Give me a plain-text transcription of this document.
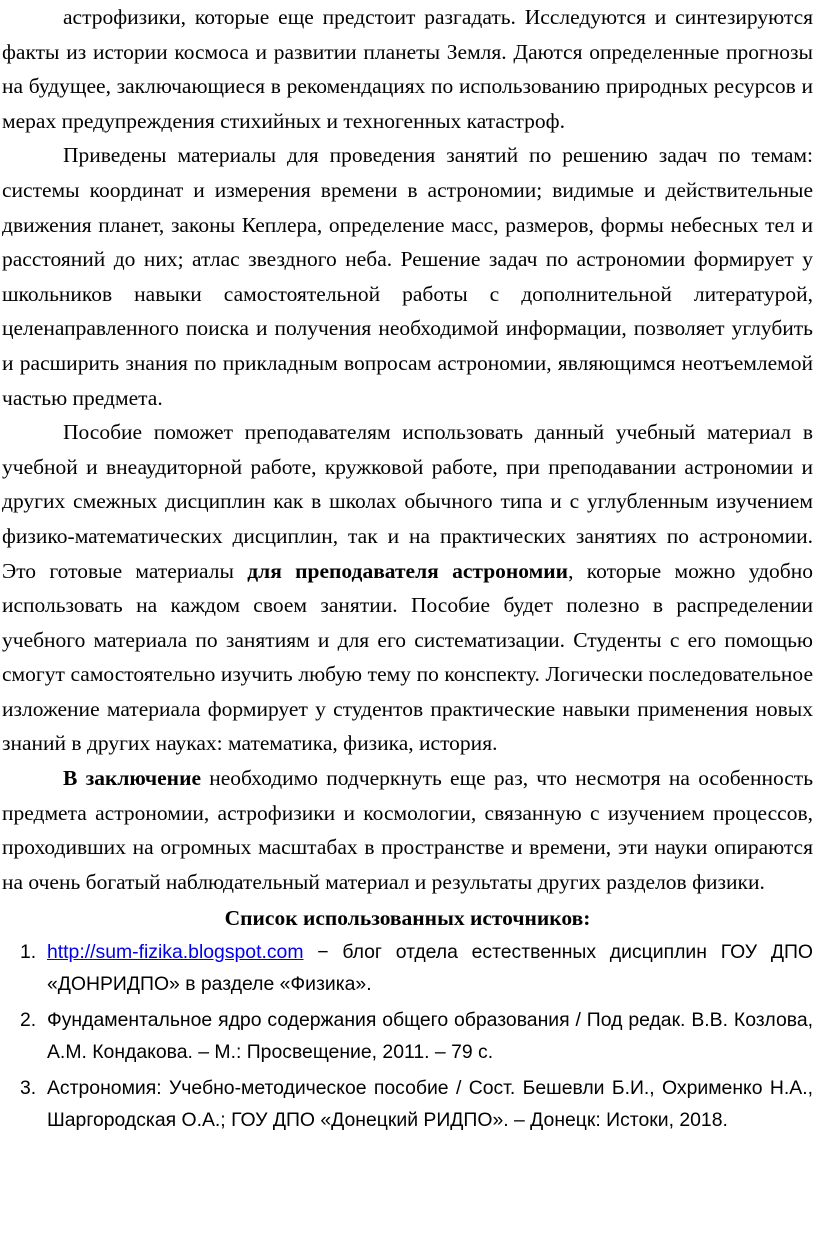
астрофизики, которые еще предстоит разгадать. Исследуются и синтезируются факты из истории космоса и развитии планеты Земля. Даются определенные прогнозы на будущее, заключающиеся в рекомендациях по использованию природных ресурсов и мерах предупреждения стихийных и техногенных катастроф.

Приведены материалы для проведения занятий по решению задач по темам: системы координат и измерения времени в астрономии; видимые и действительные движения планет, законы Кеплера, определение масс, размеров, формы небесных тел и расстояний до них; атлас звездного неба. Решение задач по астрономии формирует у школьников навыки самостоятельной работы с дополнительной литературой, целенаправленного поиска и получения необходимой информации, позволяет углубить и расширить знания по прикладным вопросам астрономии, являющимся неотъемлемой частью предмета.

Пособие поможет преподавателям использовать данный учебный материал в учебной и внеаудиторной работе, кружковой работе, при преподавании астрономии и других смежных дисциплин как в школах обычного типа и с углубленным изучением физико-математических дисциплин, так и на практических занятиях по астрономии. Это готовые материалы для преподавателя астрономии, которые можно удобно использовать на каждом своем занятии. Пособие будет полезно в распределении учебного материала по занятиям и для его систематизации. Студенты с его помощью смогут самостоятельно изучить любую тему по конспекту. Логически последовательное изложение материала формирует у студентов практические навыки применения новых знаний в других науках: математика, физика, история.

В заключение необходимо подчеркнуть еще раз, что несмотря на особенность предмета астрономии, астрофизики и космологии, связанную с изучением процессов, проходивших на огромных масштабах в пространстве и времени, эти науки опираются на очень богатый наблюдательный материал и результаты других разделов физики.

Список использованных источников:

1. http://sum-fizika.blogspot.com − блог отдела естественных дисциплин ГОУ ДПО «ДОНРИДПО» в разделе «Физика».
2. Фундаментальное ядро содержания общего образования / Под редак. В.В. Козлова, А.М. Кондакова. – М.: Просвещение, 2011. – 79 с.
3. Астрономия: Учебно-методическое пособие / Сост. Бешевли Б.И., Охрименко Н.А., Шаргородская О.А.; ГОУ ДПО «Донецкий РИДПО». – Донецк: Истоки, 2018.
